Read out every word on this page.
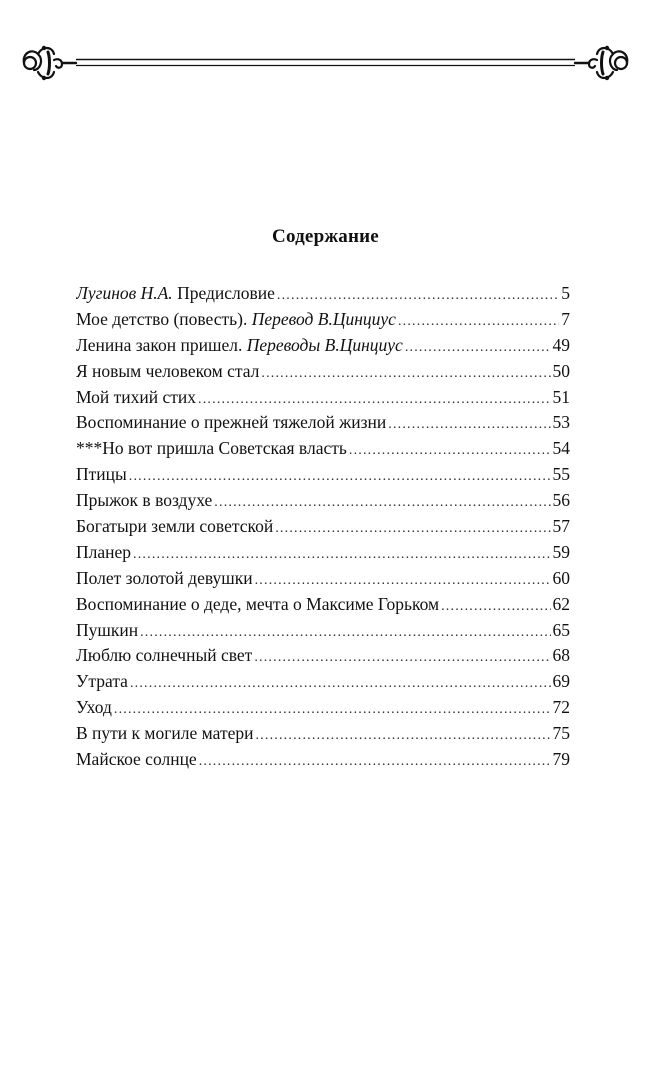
Содержание
Лугинов Н.А. Предисловие .....	5
Мое детство (повесть). Перевод В.Цинциус .....	7
Ленина закон пришел. Переводы В.Цинциус .....	49
Я новым человеком стал .....	50
Мой тихий стих .....	51
Воспоминание о прежней тяжелой жизни .....	53
***Но вот пришла Советская власть .....	54
Птицы .....	55
Прыжок в воздухе .....	56
Богатыри земли советской .....	57
Планер .....	59
Полет золотой девушки .....	60
Воспоминание о деде, мечта о Максиме Горьком .....	62
Пушкин .....	65
Люблю солнечный свет .....	68
Утрата .....	69
Уход .....	72
В пути к могиле матери .....	75
Майское солнце .....	79
